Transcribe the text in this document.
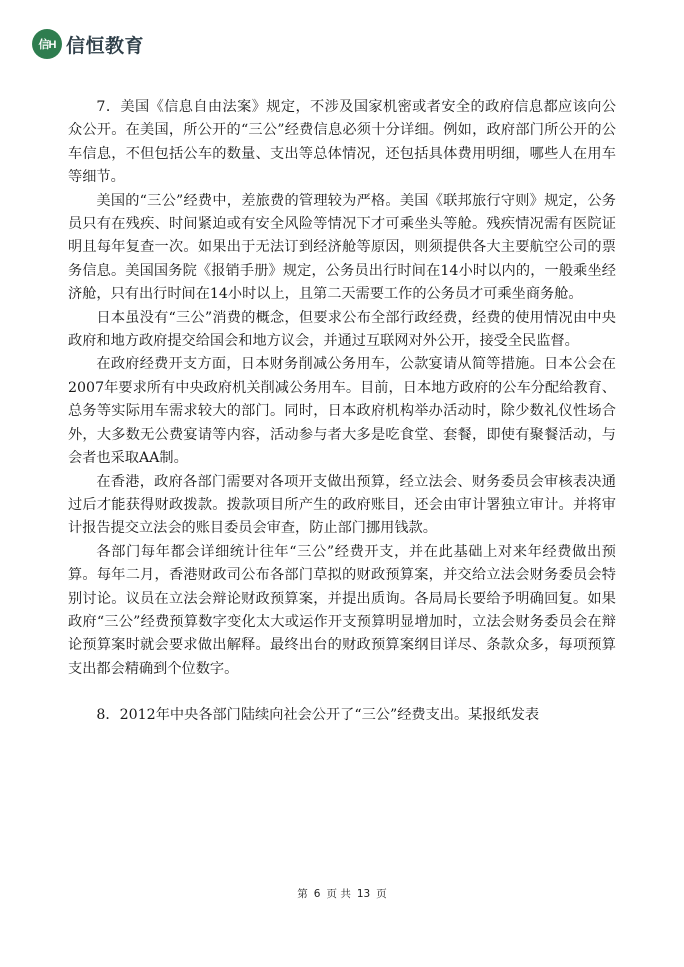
信H 信恒教育

7．美国《信息自由法案》规定，不涉及国家机密或者安全的政府信息都应该向公众公开。在美国，所公开的“三公”经费信息必须十分详细。例如，政府部门所公开的公车信息，不但包括公车的数量、支出等总体情况，还包括具体费用明细，哪些人在用车等细节。

美国的“三公”经费中，差旅费的管理较为严格。美国《联邦旅行守则》规定，公务员只有在残疾、时间紧迫或有安全风险等情况下才可乘坐头等舱。残疾情况需有医院证明且每年复查一次。如果出于无法订到经济舱等原因，则须提供各大主要航空公司的票务信息。美国国务院《报销手册》规定，公务员出行时间在14小时以内的，一般乘坐经济舱，只有出行时间在14小时以上，且第二天需要工作的公务员才可乘坐商务舱。

日本虽没有“三公”消费的概念，但要求公布全部行政经费，经费的使用情况由中央政府和地方政府提交给国会和地方议会，并通过互联网对外公开，接受全民监督。

在政府经费开支方面，日本财务削减公务用车，公款宴请从简等措施。日本公会在2007年要求所有中央政府机关削减公务用车。目前，日本地方政府的公车分配给教育、总务等实际用车需求较大的部门。同时，日本政府机构举办活动时，除少数礼仪性场合外，大多数无公费宴请等内容，活动参与者大多是吃食堂、套餐，即使有聚餐活动，与会者也采取AA制。

在香港，政府各部门需要对各项开支做出预算，经立法会、财务委员会审核表决通过后才能获得财政拨款。拨款项目所产生的政府账目，还会由审计署独立审计。并将审计报告提交立法会的账目委员会审查，防止部门挪用钱款。

各部门每年都会详细统计往年“三公”经费开支，并在此基础上对来年经费做出预算。每年二月，香港财政司公布各部门草拟的财政预算案，并交给立法会财务委员会特别讨论。议员在立法会辩论财政预算案，并提出质询。各局局长要给予明确回复。如果政府“三公”经费预算数字变化太大或运作开支预算明显增加时，立法会财务委员会在辩论预算案时就会要求做出解释。最终出台的财政预算案纲目详尽、条款众多，每项预算支出都会精确到个位数字。

8．2012年中央各部门陆续向社会公开了“三公”经费支出。某报纸发表

第 6 页 共 13 页
